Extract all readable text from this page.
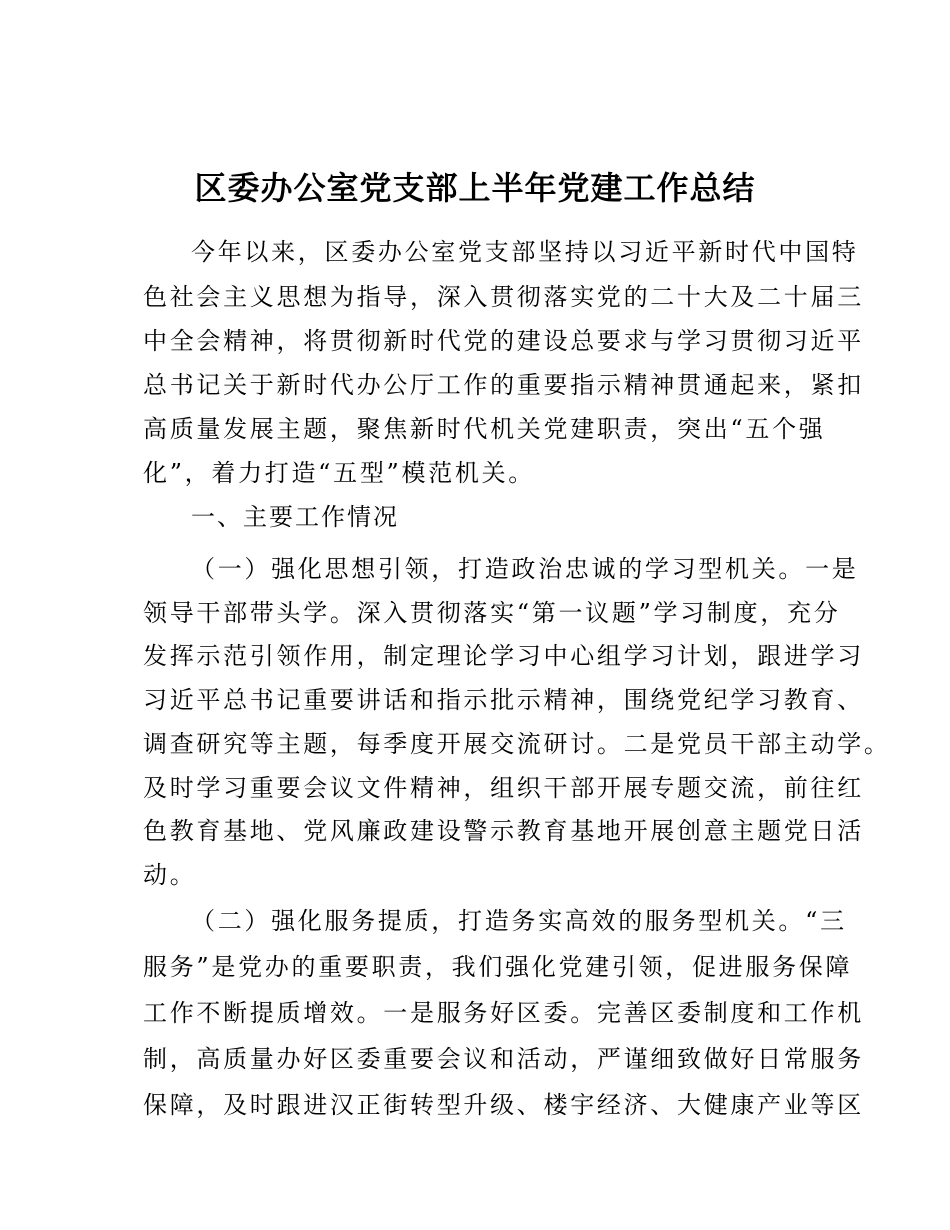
区委办公室党支部上半年党建工作总结

今年以来，区委办公室党支部坚持以习近平新时代中国特

色社会主义思想为指导，深入贯彻落实党的二十大及二十届三

中全会精神，将贯彻新时代党的建设总要求与学习贯彻习近平

总书记关于新时代办公厅工作的重要指示精神贯通起来，紧扣

高质量发展主题，聚焦新时代机关党建职责，突出“五个强

化”，着力打造“五型”模范机关。

一、主要工作情况

（一）强化思想引领，打造政治忠诚的学习型机关。一是

领导干部带头学。深入贯彻落实“第一议题”学习制度，充分

发挥示范引领作用，制定理论学习中心组学习计划，跟进学习

习近平总书记重要讲话和指示批示精神，围绕党纪学习教育、

调查研究等主题，每季度开展交流研讨。二是党员干部主动学。

及时学习重要会议文件精神，组织干部开展专题交流，前往红

色教育基地、党风廉政建设警示教育基地开展创意主题党日活

动。

（二）强化服务提质，打造务实高效的服务型机关。“三

服务”是党办的重要职责，我们强化党建引领，促进服务保障

工作不断提质增效。一是服务好区委。完善区委制度和工作机

制，高质量办好区委重要会议和活动，严谨细致做好日常服务

保障，及时跟进汉正街转型升级、楼宇经济、大健康产业等区
